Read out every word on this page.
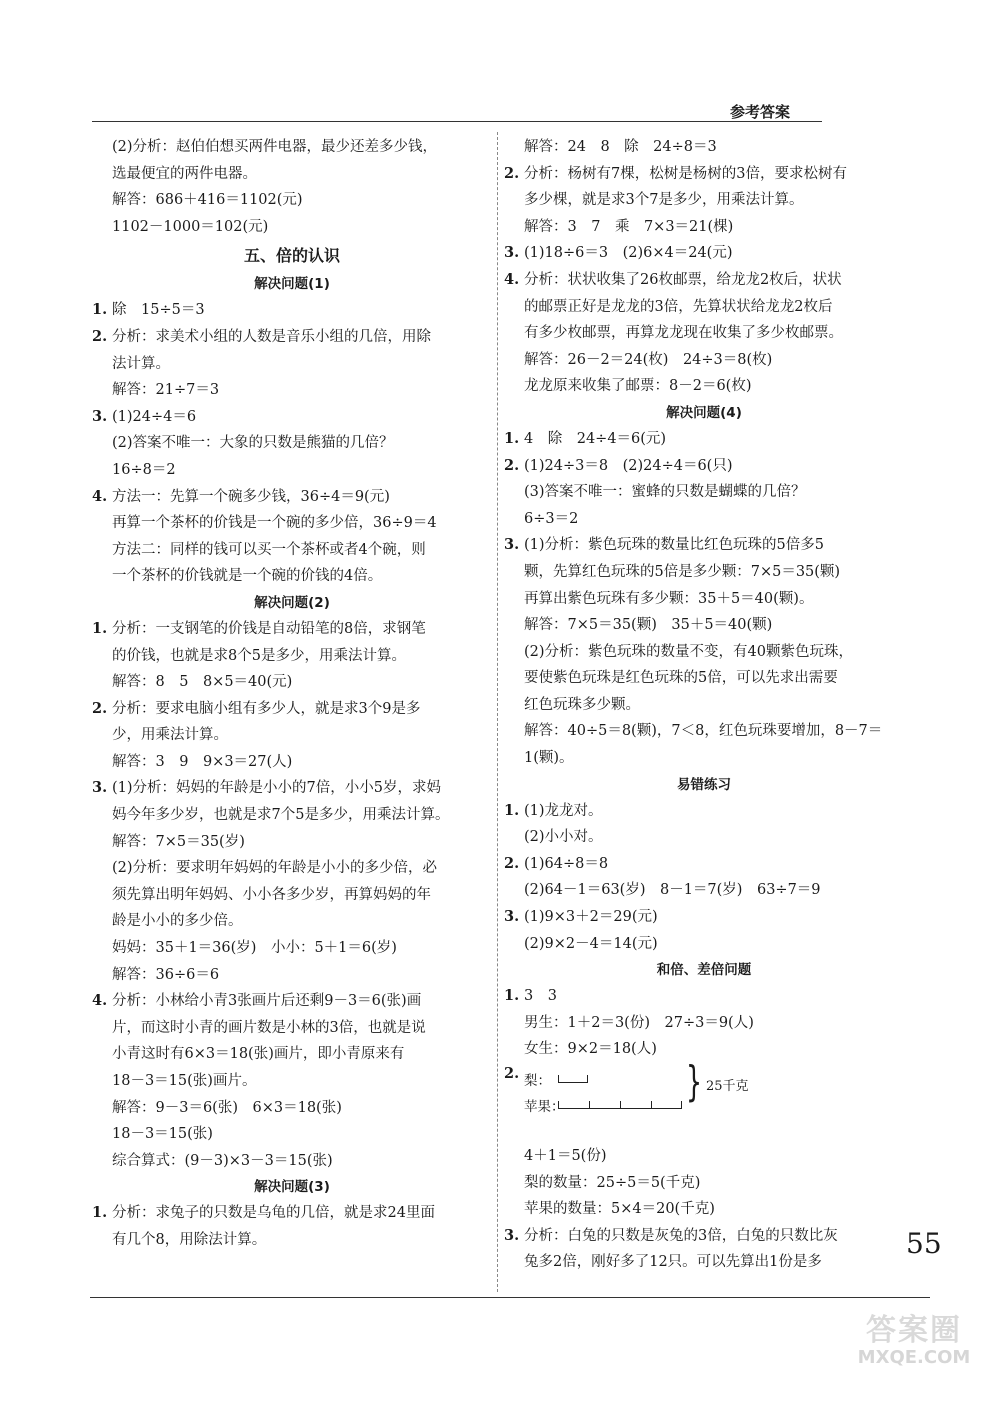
参考答案
(2)分析：赵伯伯想买两件电器，最少还差多少钱，
选最便宜的两件电器。
解答：686＋416＝1102(元)
1102－1000＝102(元)
五、倍的认识
解决问题(1)
1. 除　15÷5＝3
2. 分析：求美术小组的人数是音乐小组的几倍，用除
法计算。
解答：21÷7＝3
3. (1)24÷4＝6
(2)答案不唯一：大象的只数是熊猫的几倍？
16÷8＝2
4. 方法一：先算一个碗多少钱，36÷4＝9(元)
再算一个茶杯的价钱是一个碗的多少倍，36÷9＝4
方法二：同样的钱可以买一个茶杯或者4个碗，则
一个茶杯的价钱就是一个碗的价钱的4倍。
解决问题(2)
1. 分析：一支钢笔的价钱是自动铅笔的8倍，求钢笔
的价钱，也就是求8个5是多少，用乘法计算。
解答：8　5　8×5＝40(元)
2. 分析：要求电脑小组有多少人，就是求3个9是多
少，用乘法计算。
解答：3　9　9×3＝27(人)
3. (1)分析：妈妈的年龄是小小的7倍，小小5岁，求妈
妈今年多少岁，也就是求7个5是多少，用乘法计算。
解答：7×5＝35(岁)
(2)分析：要求明年妈妈的年龄是小小的多少倍，必
须先算出明年妈妈、小小各多少岁，再算妈妈的年
龄是小小的多少倍。
妈妈：35＋1＝36(岁)　小小：5＋1＝6(岁)
解答：36÷6＝6
4. 分析：小林给小青3张画片后还剩9－3＝6(张)画
片，而这时小青的画片数是小林的3倍，也就是说
小青这时有6×3＝18(张)画片，即小青原来有
18－3＝15(张)画片。
解答：9－3＝6(张)　6×3＝18(张)
18－3＝15(张)
综合算式：(9－3)×3－3＝15(张)
解决问题(3)
1. 分析：求兔子的只数是乌龟的几倍，就是求24里面
有几个8，用除法计算。
解答：24　8　除　24÷8＝3
2. 分析：杨树有7棵，松树是杨树的3倍，要求松树有
多少棵，就是求3个7是多少，用乘法计算。
解答：3　7　乘　7×3＝21(棵)
3. (1)18÷6＝3　(2)6×4＝24(元)
4. 分析：状状收集了26枚邮票，给龙龙2枚后，状状
的邮票正好是龙龙的3倍，先算状状给龙龙2枚后
有多少枚邮票，再算龙龙现在收集了多少枚邮票。
解答：26－2＝24(枚)　24÷3＝8(枚)
龙龙原来收集了邮票：8－2＝6(枚)
解决问题(4)
1. 4　除　24÷4＝6(元)
2. (1)24÷3＝8　(2)24÷4＝6(只)
(3)答案不唯一：蜜蜂的只数是蝴蝶的几倍？
6÷3＝2
3. (1)分析：紫色玩珠的数量比红色玩珠的5倍多5
颗，先算红色玩珠的5倍是多少颗：7×5＝35(颗)
再算出紫色玩珠有多少颗：35＋5＝40(颗)。
解答：7×5＝35(颗)　35＋5＝40(颗)
(2)分析：紫色玩珠的数量不变，有40颗紫色玩珠，
要使紫色玩珠是红色玩珠的5倍，可以先求出需要
红色玩珠多少颗。
解答：40÷5＝8(颗)，7＜8，红色玩珠要增加，8－7＝
1(颗)。
易错练习
1. (1)龙龙对。
(2)小小对。
2. (1)64÷8＝8
(2)64－1＝63(岁)　8－1＝7(岁)　63÷7＝9
3. (1)9×3＋2＝29(元)
(2)9×2－4＝14(元)
和倍、差倍问题
1. 3　3
男生：1＋2＝3(份)　27÷3＝9(人)
女生：9×2＝18(人)
2. 梨：
苹果：
} 25千克
4＋1＝5(份)
梨的数量：25÷5＝5(千克)
苹果的数量：5×4＝20(千克)
3. 分析：白兔的只数是灰兔的3倍，白兔的只数比灰
兔多2倍，刚好多了12只。可以先算出1份是多
55
答案圈
MXQE.COM
